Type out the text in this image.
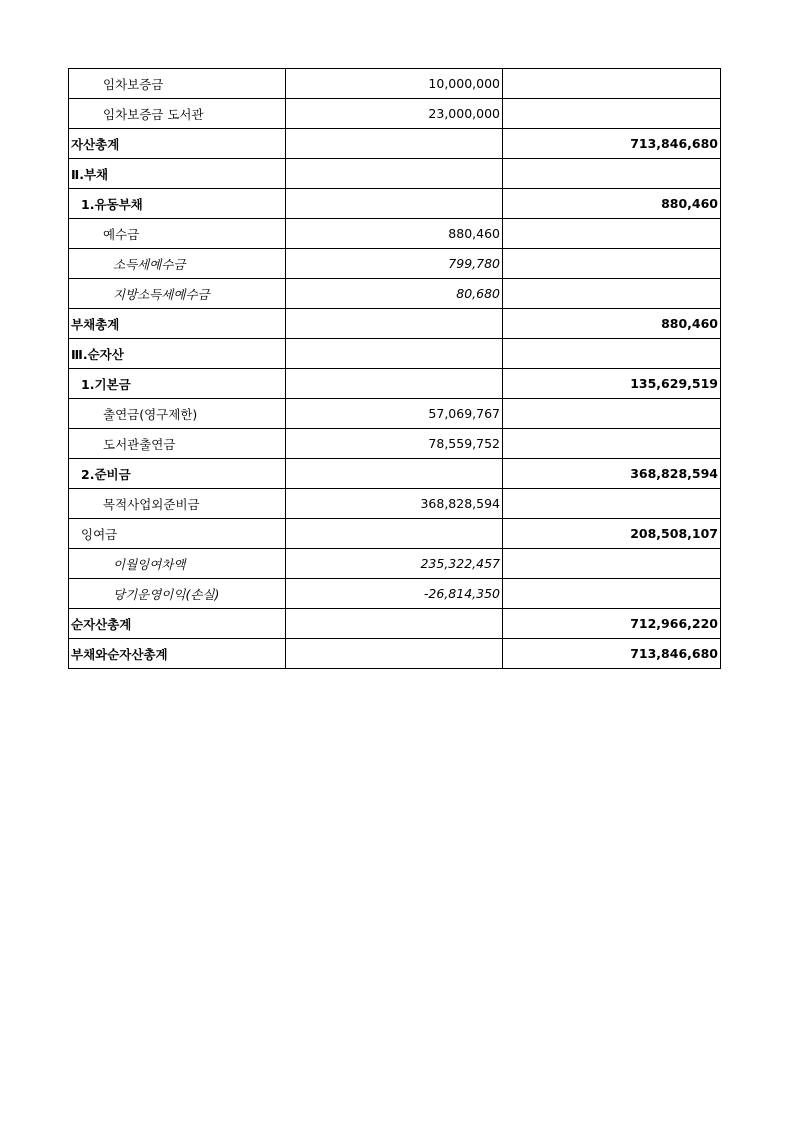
임차보증금	10,000,000	
임차보증금 도서관	23,000,000	
자산총계		713,846,680
Ⅱ.부채		
1.유동부채		880,460
예수금	880,460	
소득세예수금	799,780	
지방소득세예수금	80,680	
부채총계		880,460
Ⅲ.순자산		
1.기본금		135,629,519
출연금(영구제한)	57,069,767	
도서관출연금	78,559,752	
2.준비금		368,828,594
목적사업외준비금	368,828,594	
잉여금		208,508,107
이월잉여차액	235,322,457	
당기운영이익(손실)	-26,814,350	
순자산총계		712,966,220
부채와순자산총계		713,846,680
